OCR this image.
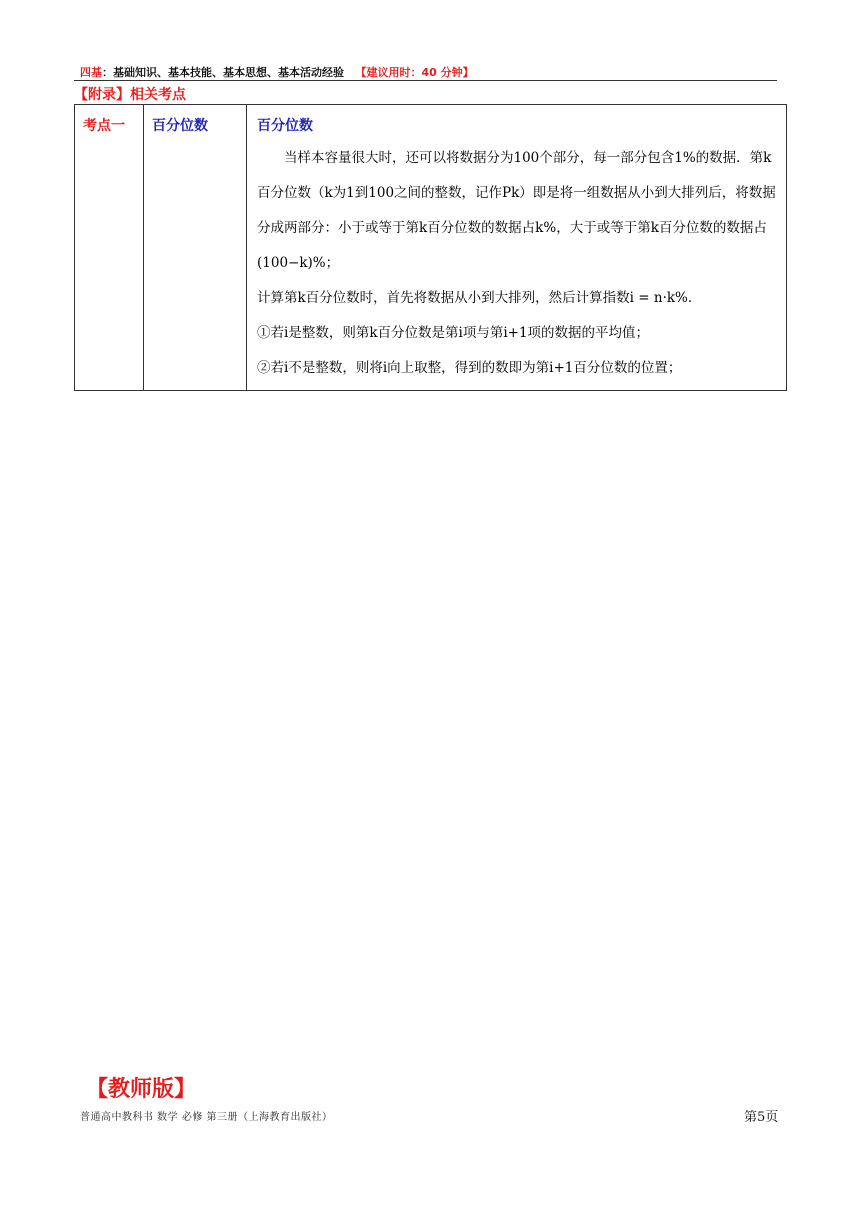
四基：基础知识、基本技能、基本思想、基本活动经验 【建议用时：40 分钟】
【附录】相关考点
考点一	百分位数	百分位数

当样本容量很大时，还可以将数据分为100个部分，每一部分包含1%的数据．第k百分位数（k为1到100之间的整数，记作Pk）即是将一组数据从小到大排列后，将数据分成两部分：小于或等于第k百分位数的数据占k%，大于或等于第k百分位数的数据占(100−k)%；

计算第k百分位数时，首先将数据从小到大排列，然后计算指数i = n·k%．

①若i是整数，则第k百分位数是第i项与第i+1项的数据的平均值；

②若i不是整数，则将i向上取整，得到的数即为第i+1百分位数的位置；

【教师版】
普通高中教科书 数学 必修 第三册（上海教育出版社）	第5页
